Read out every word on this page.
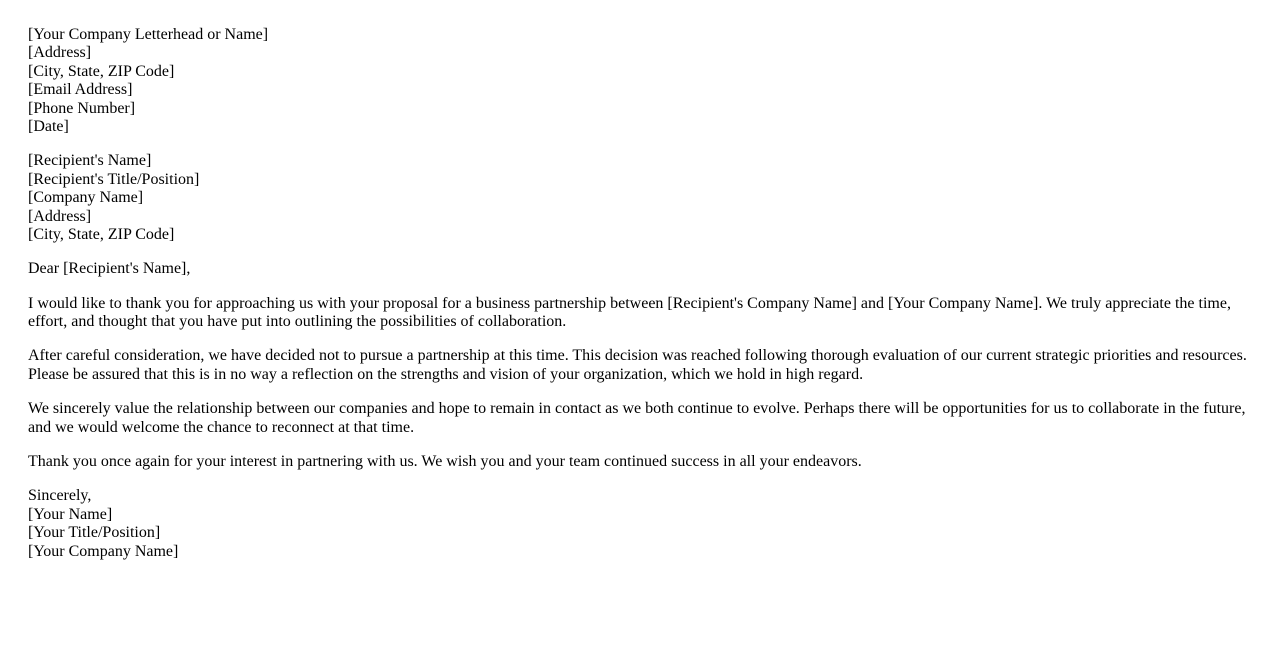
[Your Company Letterhead or Name]
[Address]
[City, State, ZIP Code]
[Email Address]
[Phone Number]
[Date]
[Recipient's Name]
[Recipient's Title/Position]
[Company Name]
[Address]
[City, State, ZIP Code]

Dear [Recipient's Name],

I would like to thank you for approaching us with your proposal for a business partnership between [Recipient's Company Name] and [Your Company Name]. We truly appreciate the time, effort, and thought that you have put into outlining the possibilities of collaboration.

After careful consideration, we have decided not to pursue a partnership at this time. This decision was reached following thorough evaluation of our current strategic priorities and resources. Please be assured that this is in no way a reflection on the strengths and vision of your organization, which we hold in high regard.

We sincerely value the relationship between our companies and hope to remain in contact as we both continue to evolve. Perhaps there will be opportunities for us to collaborate in the future, and we would welcome the chance to reconnect at that time.

Thank you once again for your interest in partnering with us. We wish you and your team continued success in all your endeavors.

Sincerely,
[Your Name]
[Your Title/Position]
[Your Company Name]
